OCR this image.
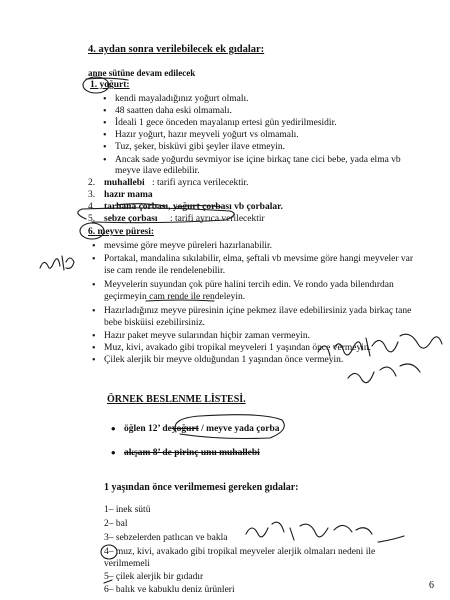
4. aydan sonra verilebilecek ek gıdalar:
anne sütüne devam edilecek
1. yoğurt:
• kendi mayaladığınız yoğurt olmalı.
• 48 saatten daha eski olmamalı.
• İdeali 1 gece önceden mayalanıp ertesi gün yedirilmesidir.
• Hazır yoğurt, hazır meyveli yoğurt vs olmamalı.
• Tuz, şeker, bisküvi gibi şeyler ilave etmeyin.
• Ancak sade yoğurdu sevmiyor ise içine birkaç tane cici bebe, yada elma vb
meyve ilave edilebilir.
2. muhallebi : tarifi ayrıca verilecektir.
3. hazır mama
4. tarhana çorbası, yoğurt çorbası vb çorbalar.
5. sebze çorbası : tarifi ayrıca verilecektir
6. meyve püresi:
• mevsime göre meyve püreleri hazırlanabilir.
• Portakal, mandalina sıkılabilir, elma, şeftali vb mevsime göre hangi meyveler var
ise cam rende ile rendelenebilir.
• Meyvelerin suyundan çok püre halini tercih edin. Ve rondo yada bilendırdan
geçirmeyin cam rende ile rendeleyin.
• Hazırladığınız meyve püresinin içine pekmez ilave edebilirsiniz yada birkaç tane
bebe bisküisi ezebilirsiniz.
• Hazır paket meyve sularından hiçbir zaman vermeyin.
• Muz, kivi, avakado gibi tropikal meyveleri 1 yaşından önce vermeyin.
• Çilek alerjik bir meyve olduğundan 1 yaşından önce vermeyin.
ÖRNEK BESLENME LİSTESİ.
• öğlen 12’ deyoğurt / meyve yada çorba
• akşam 8’ de pirinç unu muhallebi
1 yaşından önce verilmemesi gereken gıdalar:
1– inek sütü
2– bal
3– sebzelerden patlıcan ve bakla
4– muz, kivi, avakado gibi tropikal meyveler alerjik olmaları nedeni ile
verilmemeli
5– çilek alerjik bir gıdadır
6– balık ve kabuklu deniz ürünleri	6
